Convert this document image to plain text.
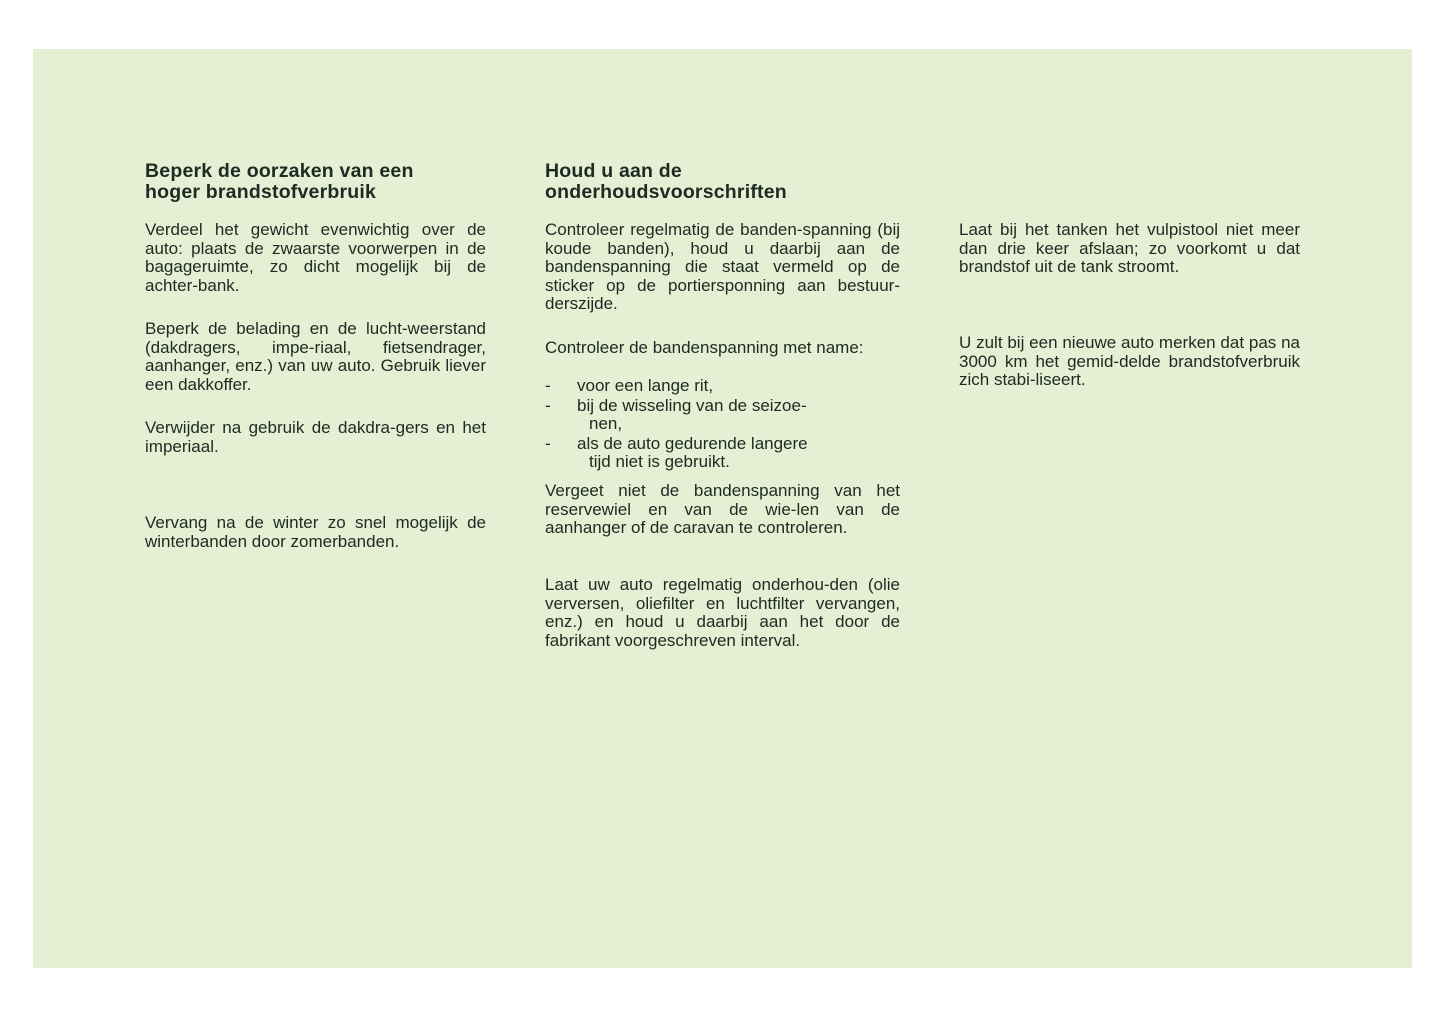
Beperk de oorzaken van een
hoger brandstofverbruik

Verdeel het gewicht evenwichtig over de auto: plaats de zwaarste voorwerpen in de bagageruimte, zo dicht mogelijk bij de achter-bank.

Beperk de belading en de lucht-weerstand (dakdragers, impe-riaal, fietsendrager, aanhanger, enz.) van uw auto. Gebruik liever een dakkoffer.

Verwijder na gebruik de dakdra-gers en het imperiaal.

Vervang na de winter zo snel mogelijk de winterbanden door zomerbanden.

Houd u aan de
onderhoudsvoorschriften

Controleer regelmatig de banden-spanning (bij koude banden), houd u daarbij aan de bandenspanning die staat vermeld op de sticker op de portiersponning aan bestuur-derszijde.

Controleer de bandenspanning met name:

-	voor een lange rit,
-	bij de wisseling van de seizoe-
nen,
-	als de auto gedurende langere
tijd niet is gebruikt.

Vergeet niet de bandenspanning van het reservewiel en van de wie-len van de aanhanger of de caravan te controleren.

Laat uw auto regelmatig onderhou-den (olie verversen, oliefilter en luchtfilter vervangen, enz.) en houd u daarbij aan het door de fabrikant voorgeschreven interval.

Laat bij het tanken het vulpistool niet meer dan drie keer afslaan; zo voorkomt u dat brandstof uit de tank stroomt.

U zult bij een nieuwe auto merken dat pas na 3000 km het gemid-delde brandstofverbruik zich stabi-liseert.
